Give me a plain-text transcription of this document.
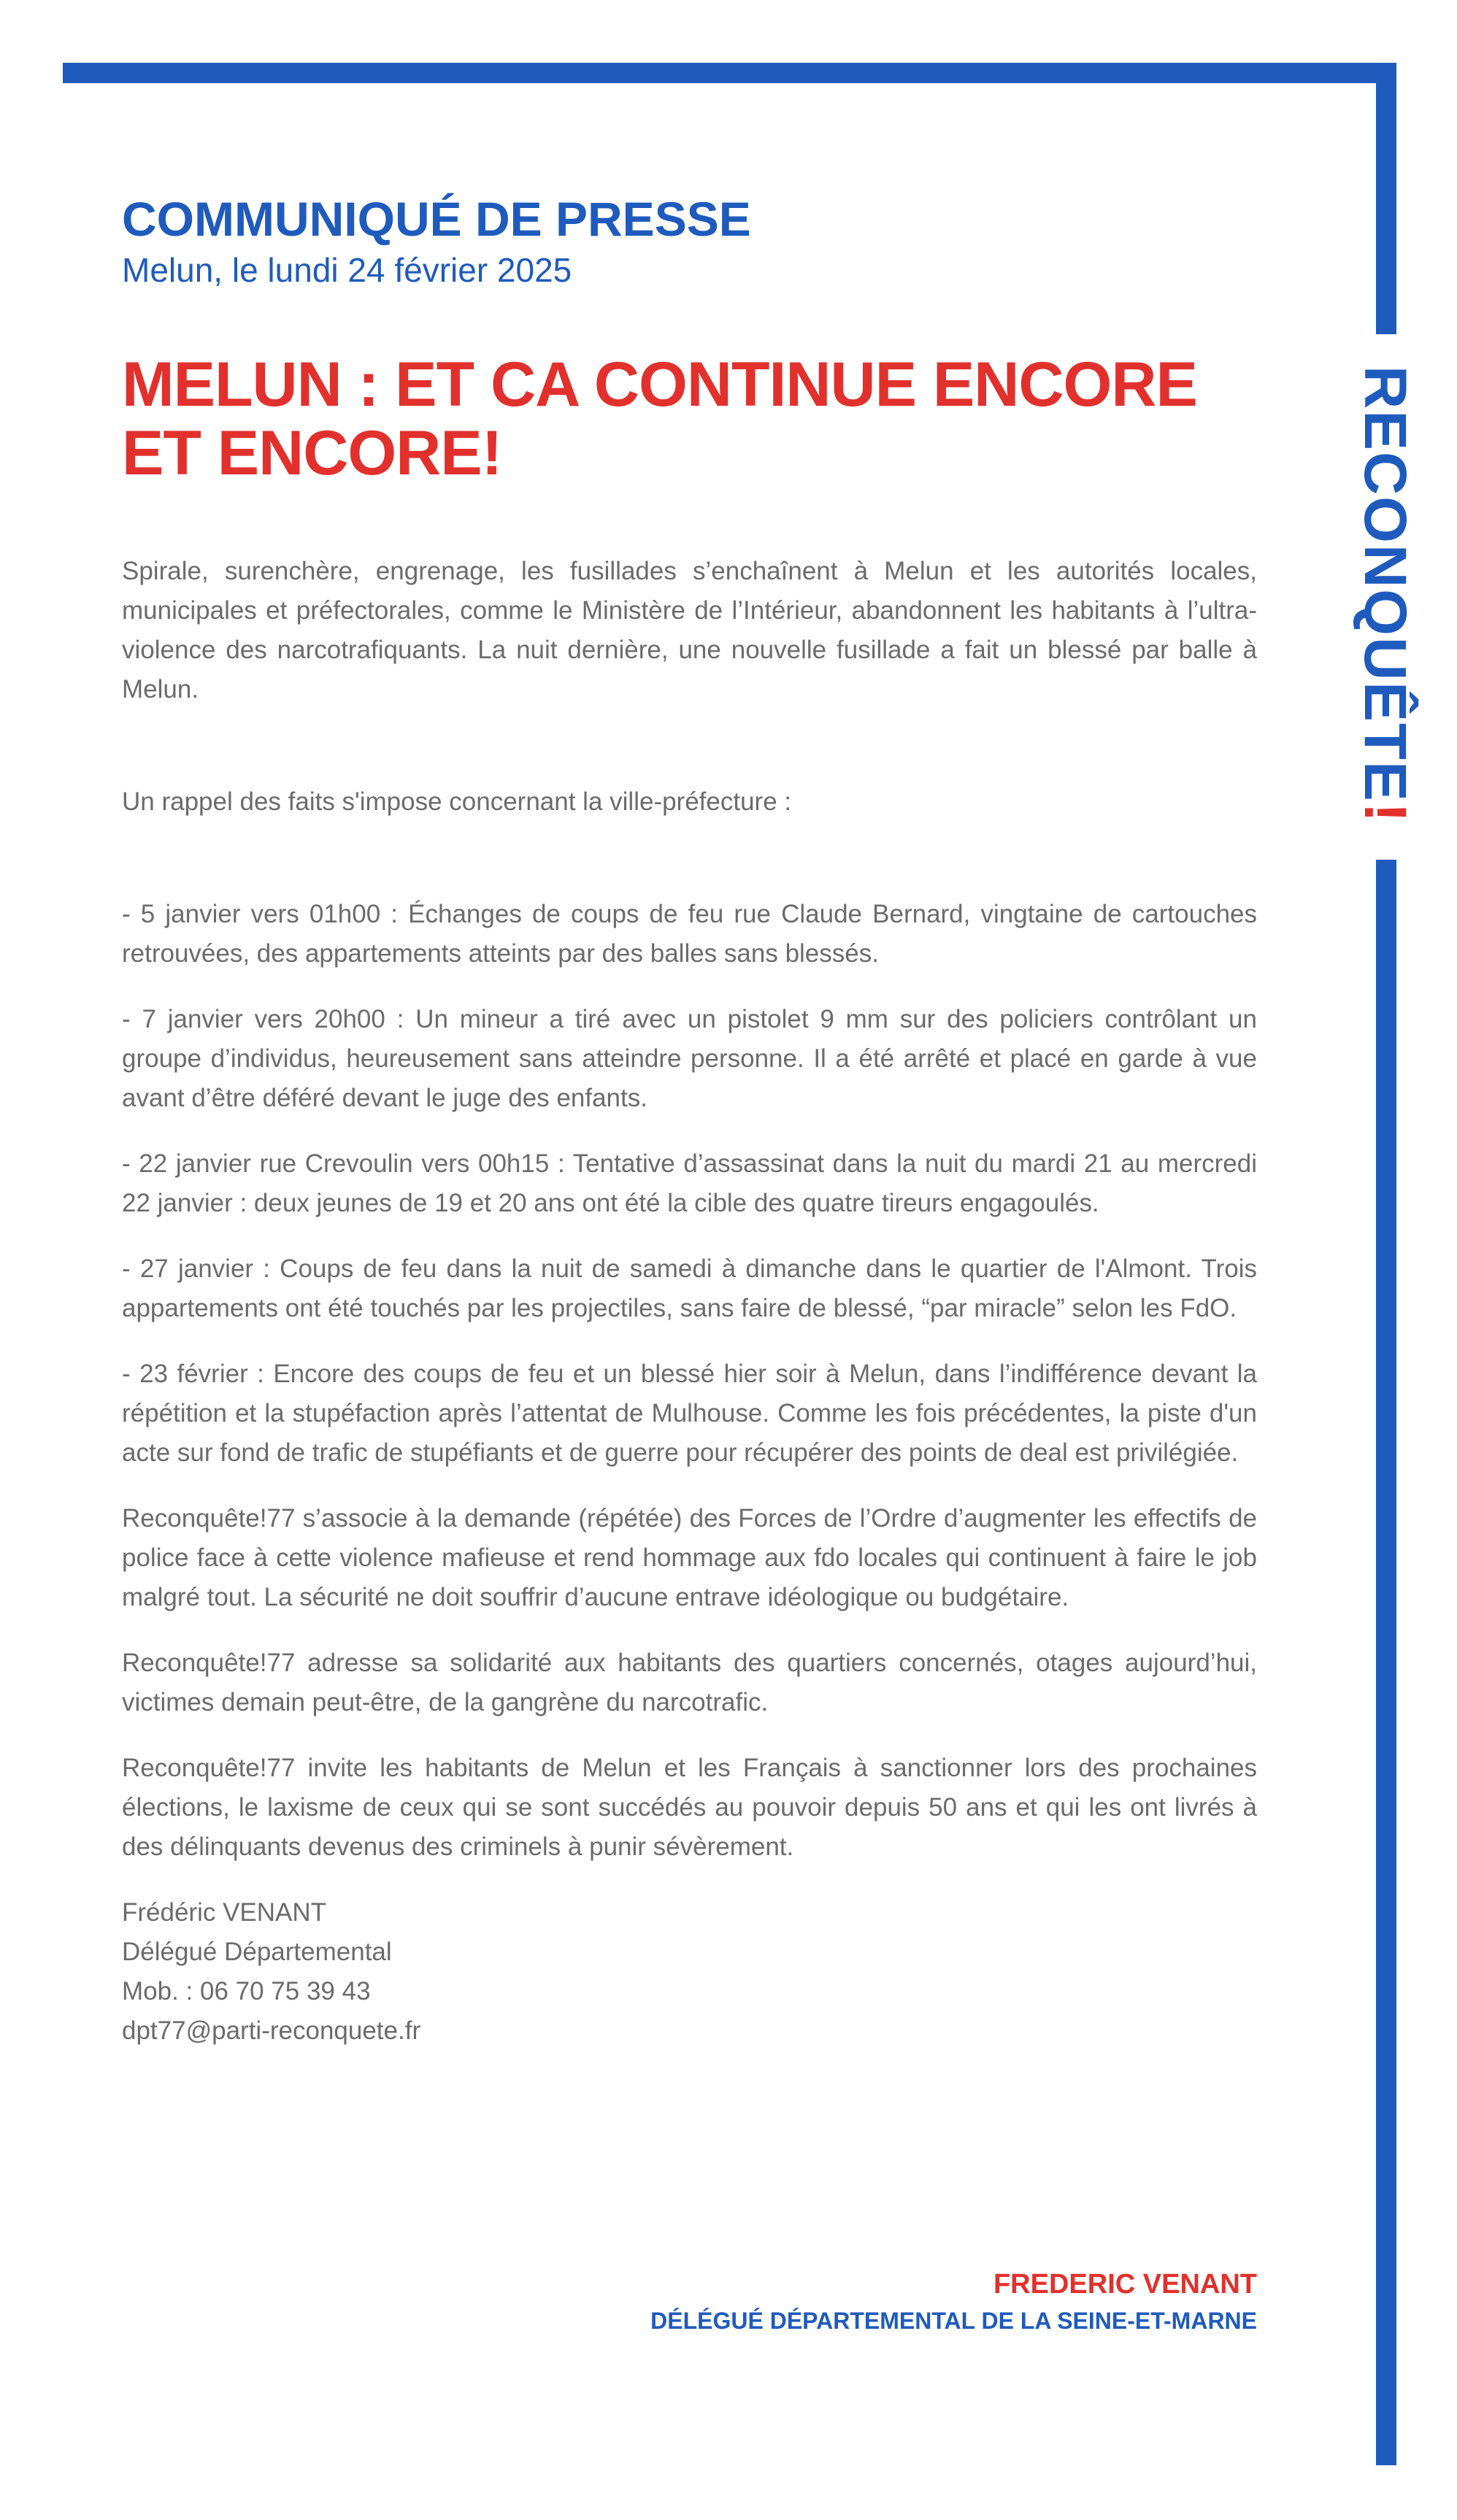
RECONQUÊTE!
COMMUNIQUÉ DE PRESSE

Melun, le lundi 24 février 2025

MELUN : ET CA CONTINUE ENCORE ET ENCORE!

Spirale, surenchère, engrenage, les fusillades s’enchaînent à Melun et les autorités locales, municipales et préfectorales, comme le Ministère de l’Intérieur, abandonnent les habitants à l’ultra-violence des narcotrafiquants. La nuit dernière, une nouvelle fusillade a fait un blessé par balle à Melun.

Un rappel des faits s'impose concernant la ville-préfecture :

- 5 janvier vers 01h00 : Échanges de coups de feu rue Claude Bernard, vingtaine de cartouches retrouvées, des appartements atteints par des balles sans blessés.

- 7 janvier vers 20h00 : Un mineur a tiré avec un pistolet 9 mm sur des policiers contrôlant un groupe d’individus, heureusement sans atteindre personne. Il a été arrêté et placé en garde à vue avant d’être déféré devant le juge des enfants.

- 22 janvier rue Crevoulin vers 00h15 : Tentative d’assassinat dans la nuit du mardi 21 au mercredi 22 janvier : deux jeunes de 19 et 20 ans ont été la cible des quatre tireurs engagoulés.

- 27 janvier : Coups de feu dans la nuit de samedi à dimanche dans le quartier de l'Almont. Trois appartements ont été touchés par les projectiles, sans faire de blessé, “par miracle” selon les FdO.

- 23 février : Encore des coups de feu et un blessé hier soir à Melun, dans l’indifférence devant la répétition et la stupéfaction après l’attentat de Mulhouse. Comme les fois précédentes, la piste d'un acte sur fond de trafic de stupéfiants et de guerre pour récupérer des points de deal est privilégiée.

Reconquête!77 s’associe à la demande (répétée) des Forces de l’Ordre d’augmenter les effectifs de police face à cette violence mafieuse et rend hommage aux fdo locales qui continuent à faire le job malgré tout. La sécurité ne doit souffrir d’aucune entrave idéologique ou budgétaire.

Reconquête!77 adresse sa solidarité aux habitants des quartiers concernés, otages aujourd’hui, victimes demain peut-être, de la gangrène du narcotrafic.

Reconquête!77 invite les habitants de Melun et les Français à sanctionner lors des prochaines élections, le laxisme de ceux qui se sont succédés au pouvoir depuis 50 ans et qui les ont livrés à des délinquants devenus des criminels à punir sévèrement.

Frédéric VENANT

Délégué Départemental

Mob. : 06 70 75 39 43

dpt77@parti-reconquete.fr

FREDERIC VENANT

DÉLÉGUÉ DÉPARTEMENTAL DE LA SEINE-ET-MARNE
